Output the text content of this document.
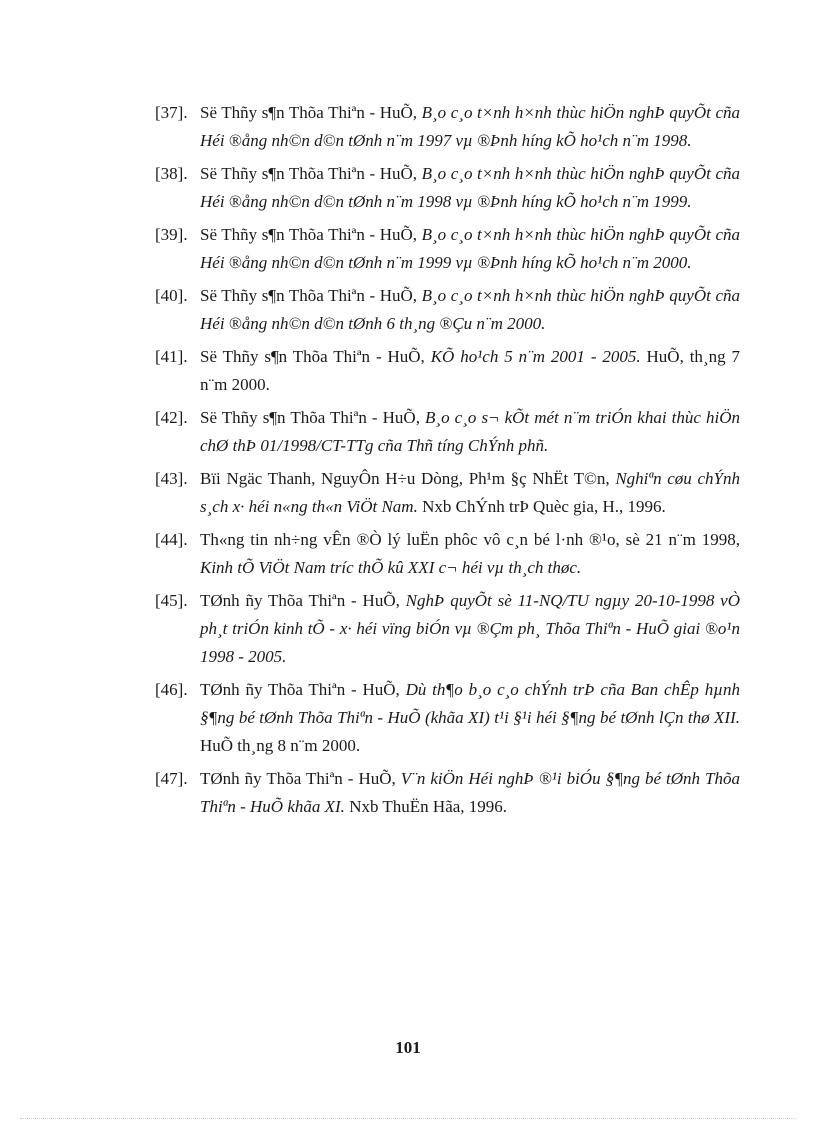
[37]. Së Thñy s¶n Thõa Thiªn - HuÕ, B¸o c¸o t×nh h×nh thùc hiÖn nghÞ quyÕt cña Héi ®ång nh©n d©n tØnh n¨m 1997 vµ ®Þnh híng kÕ ho¹ch n¨m 1998.
[38]. Së Thñy s¶n Thõa Thiªn - HuÕ, B¸o c¸o t×nh h×nh thùc hiÖn nghÞ quyÕt cña Héi ®ång nh©n d©n tØnh n¨m 1998 vµ ®Þnh híng kÕ ho¹ch n¨m 1999.
[39]. Së Thñy s¶n Thõa Thiªn - HuÕ, B¸o c¸o t×nh h×nh thùc hiÖn nghÞ quyÕt cña Héi ®ång nh©n d©n tØnh n¨m 1999 vµ ®Þnh híng kÕ ho¹ch n¨m 2000.
[40]. Së Thñy s¶n Thõa Thiªn - HuÕ, B¸o c¸o t×nh h×nh thùc hiÖn nghÞ quyÕt cña Héi ®ång nh©n d©n tØnh 6 th¸ng ®Çu n¨m 2000.
[41]. Së Thñy s¶n Thõa Thiªn - HuÕ, KÕ ho¹ch 5 n¨m 2001 - 2005. HuÕ, th¸ng 7 n¨m 2000.
[42]. Së Thñy s¶n Thõa Thiªn - HuÕ, B¸o c¸o s¬ kÕt mét n¨m triÓn khai thùc hiÖn chØ thÞ 01/1998/CT-TTg cña Thñ tíng ChÝnh phñ.
[43]. Bïi Ngäc Thanh, NguyÔn H÷u Dòng, Ph¹m §ç NhËt T©n, Nghiªn cøu chÝnh s¸ch x· héi n«ng th«n ViÖt Nam. Nxb ChÝnh trÞ Quèc gia, H., 1996.
[44]. Th«ng tin nh÷ng vÊn ®Ò lý luËn phôc vô c¸n bé l·nh ®¹o, sè 21 n¨m 1998, Kinh tÕ ViÖt Nam tríc thÕ kû XXI c¬ héi vµ th¸ch thøc.
[45]. TØnh ñy Thõa Thiªn - HuÕ, NghÞ quyÕt sè 11-NQ/TU ngµy 20-10-1998 vÒ ph¸t triÓn kinh tÕ - x· héi vïng biÓn vµ ®Çm ph¸ Thõa Thiªn - HuÕ giai ®o¹n 1998 - 2005.
[46]. TØnh ñy Thõa Thiªn - HuÕ, Dù th¶o b¸o c¸o chÝnh trÞ cña Ban chÊp hµnh §¶ng bé tØnh Thõa Thiªn - HuÕ (khãa XI) t¹i §¹i héi §¶ng bé tØnh lÇn thø XII. HuÕ th¸ng 8 n¨m 2000.
[47]. TØnh ñy Thõa Thiªn - HuÕ, V¨n kiÖn Héi nghÞ ®¹i biÓu §¶ng bé tØnh Thõa Thiªn - HuÕ khãa XI. Nxb ThuËn Hãa, 1996.
101
